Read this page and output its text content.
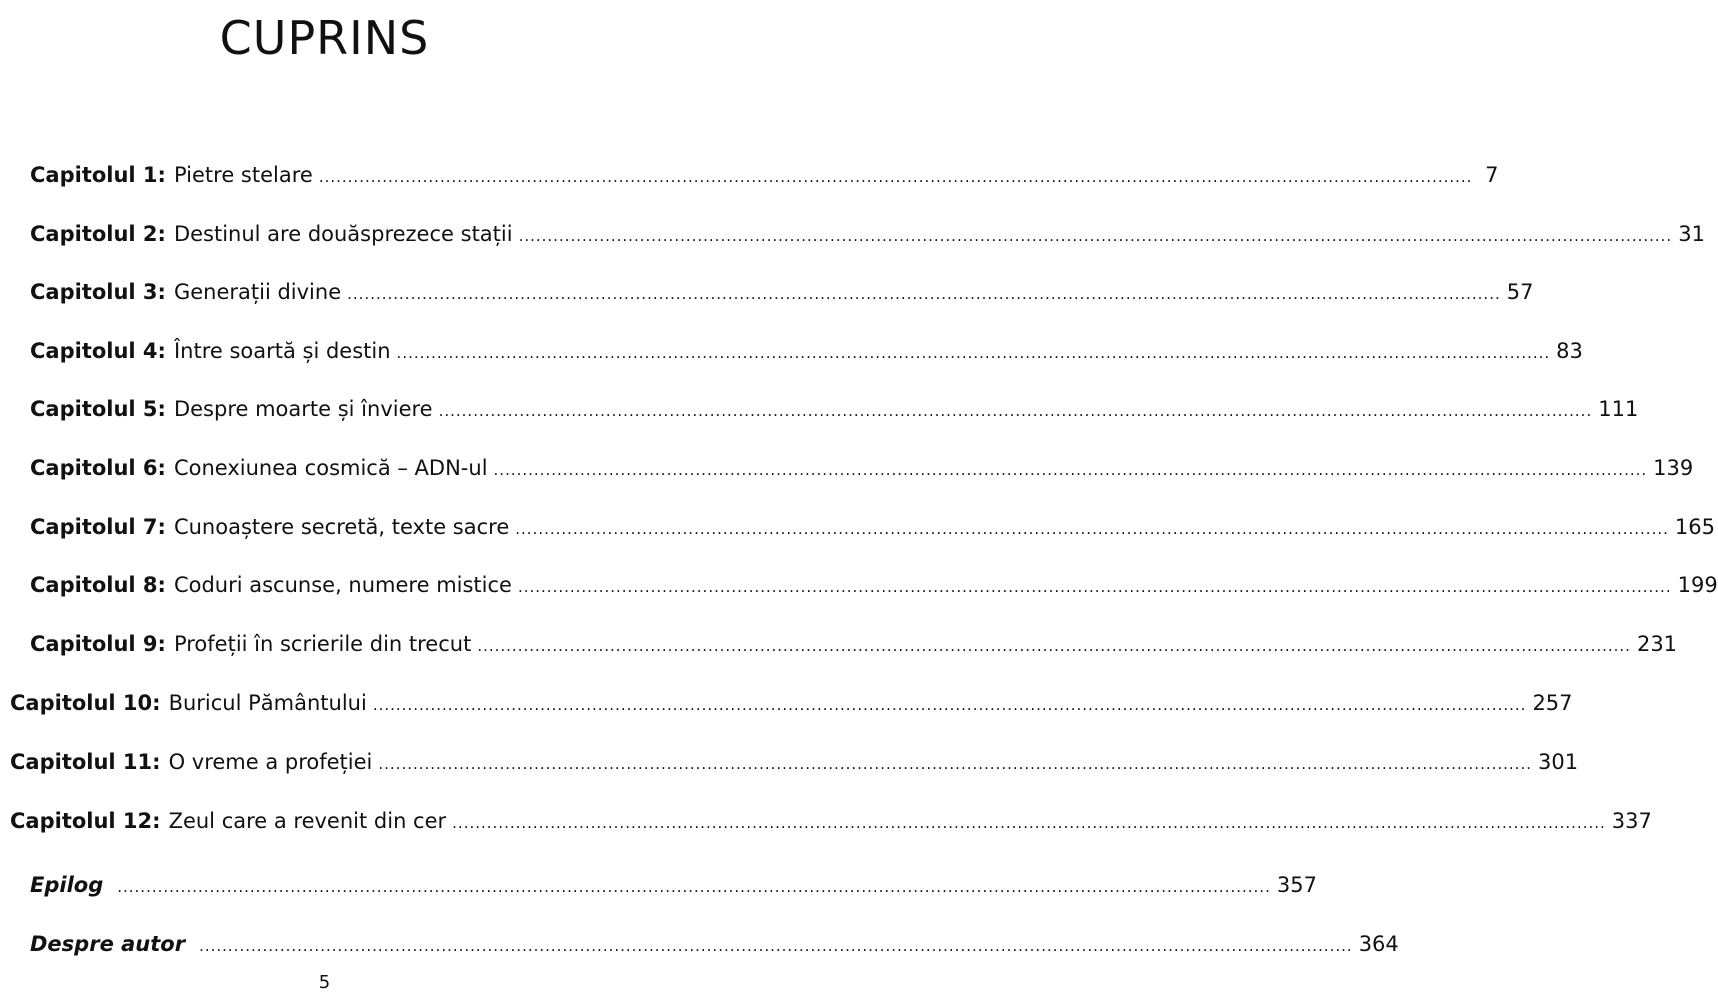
CUPRINS
Capitolul 1: Pietre stelare ........................................................................................................................................................................................................ 7
Capitolul 2: Destinul are douăsprezece stații ........................................................................................................................................................................................................ 31
Capitolul 3: Generații divine ........................................................................................................................................................................................................ 57
Capitolul 4: Între soartă și destin ........................................................................................................................................................................................................ 83
Capitolul 5: Despre moarte și înviere ........................................................................................................................................................................................................ 111
Capitolul 6: Conexiunea cosmică – ADN-ul ........................................................................................................................................................................................................ 139
Capitolul 7: Cunoaștere secretă, texte sacre ........................................................................................................................................................................................................ 165
Capitolul 8: Coduri ascunse, numere mistice ........................................................................................................................................................................................................ 199
Capitolul 9: Profeții în scrierile din trecut ........................................................................................................................................................................................................ 231
Capitolul 10: Buricul Pământului ........................................................................................................................................................................................................ 257
Capitolul 11: O vreme a profeției ........................................................................................................................................................................................................ 301
Capitolul 12: Zeul care a revenit din cer ........................................................................................................................................................................................................ 337
Epilog ........................................................................................................................................................................................................ 357
Despre autor ........................................................................................................................................................................................................ 364
5
